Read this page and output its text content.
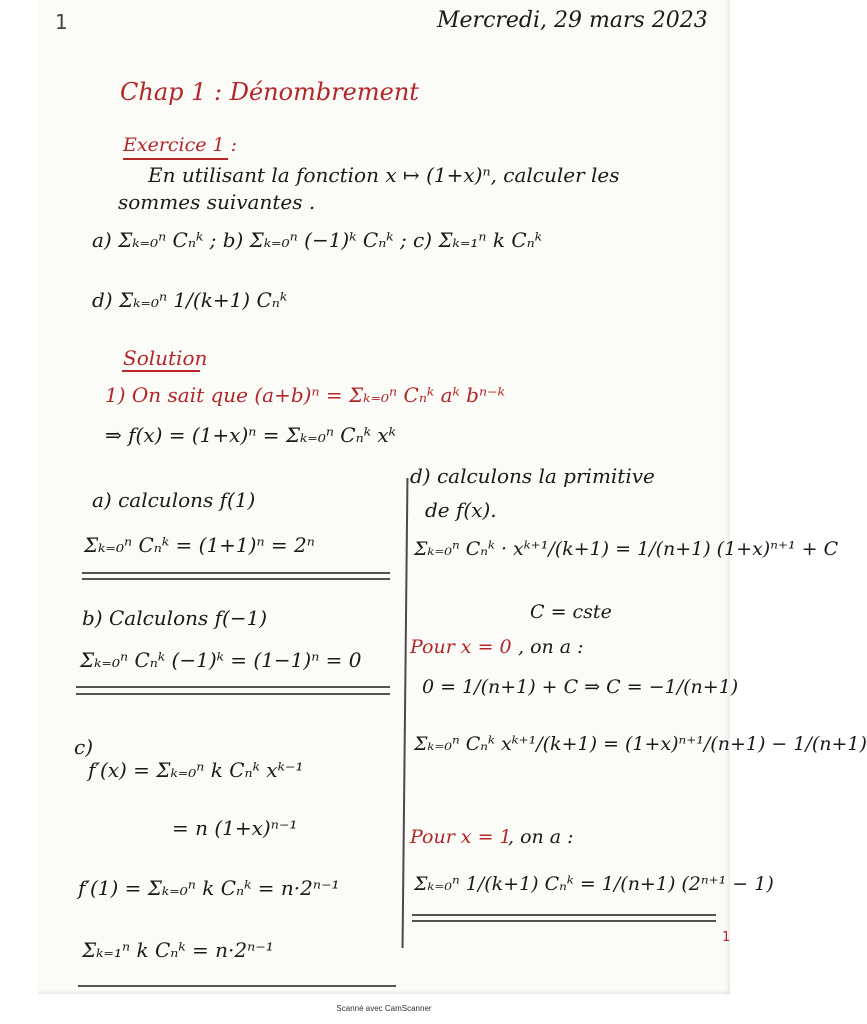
1	Mercredi, 29 mars 2023
Chap 1 : Dénombrement
Exercice 1 :
En utilisant la fonction x ↦ (1+x)ⁿ, calculer les
sommes suivantes .
a) Σₖ₌₀ⁿ Cₙᵏ ; b) Σₖ₌₀ⁿ (−1)ᵏ Cₙᵏ ; c) Σₖ₌₁ⁿ k Cₙᵏ
d) Σₖ₌₀ⁿ 1/(k+1) Cₙᵏ
Solution
1) On sait que (a+b)ⁿ = Σₖ₌₀ⁿ Cₙᵏ aᵏ bⁿ⁻ᵏ
⇒ f(x) = (1+x)ⁿ = Σₖ₌₀ⁿ Cₙᵏ xᵏ
a) calculons f(1)
Σₖ₌₀ⁿ Cₙᵏ = (1+1)ⁿ = 2ⁿ
b) Calculons f(−1)
Σₖ₌₀ⁿ Cₙᵏ (−1)ᵏ = (1−1)ⁿ = 0
c)
f′(x) = Σₖ₌₀ⁿ k Cₙᵏ xᵏ⁻¹
= n (1+x)ⁿ⁻¹
f′(1) = Σₖ₌₀ⁿ k Cₙᵏ = n·2ⁿ⁻¹
Σₖ₌₁ⁿ k Cₙᵏ = n·2ⁿ⁻¹
d) calculons la primitive
de f(x).
Σₖ₌₀ⁿ Cₙᵏ · xᵏ⁺¹/(k+1) = 1/(n+1) (1+x)ⁿ⁺¹ + C
C = cste
Pour x = 0 , on a :
0 = 1/(n+1) + C ⇒ C = −1/(n+1)
Σₖ₌₀ⁿ Cₙᵏ xᵏ⁺¹/(k+1) = (1+x)ⁿ⁺¹/(n+1) − 1/(n+1)
Pour x = 1
, on a :
Σₖ₌₀ⁿ 1/(k+1) Cₙᵏ = 1/(n+1) (2ⁿ⁺¹ − 1)
1
Scanné avec CamScanner
